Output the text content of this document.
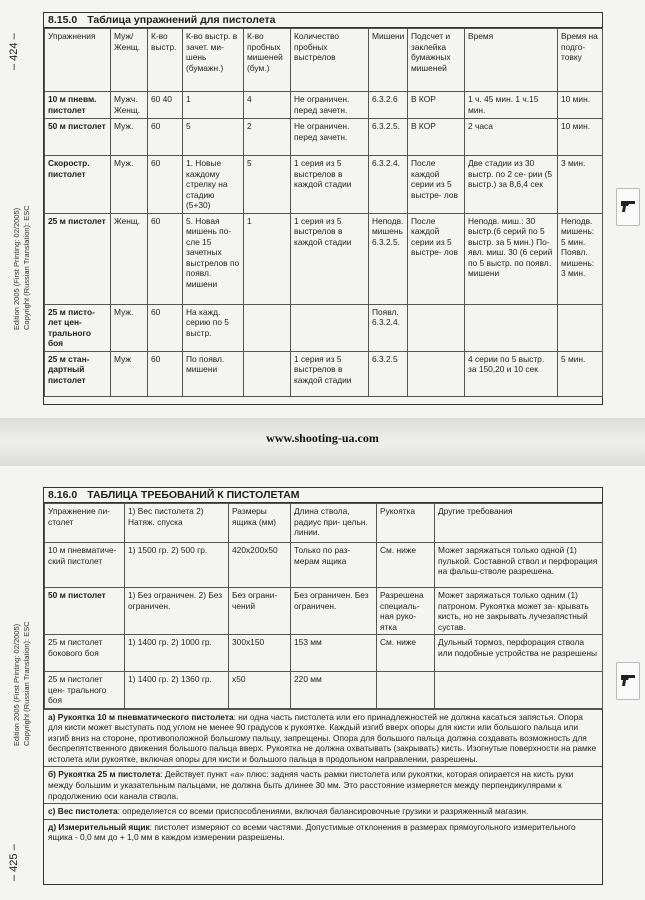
– 424 –
Edition 2005 (First Printing: 02/2005) Copyright (Russian Translation): ESC
8.15.0 Таблица упражнений для пистолета
Упражнения	Муж/ Женщ.	К-во выстр.	К-во выстр. в зачет. ми- шень (бумажн.)	К-во пробных мишеней (бум.)	Количество пробных выстрелов	Мишени	Подсчет и заклейка бумажных мишеней	Время	Время на подго- товку
10 м пневм. пистолет	Мужч. Женщ.	60 40	1	4	Не ограничен. перед зачетн.	6.3.2.6	В КОР	1 ч. 45 мин. 1 ч.15 мин.	10 мин.
50 м пистолет	Муж.	60	5	2	Не ограничен. перед зачетн.	6.3.2.5.	В КОР	2 часа	10 мин.
Скоростр. пистолет	Муж.	60	1. Новые каждому стрелку на стадию (5+30)	5	1 серия из 5 выстрелов в каждой стадии	6.3.2.4.	После каждой серии из 5 выстре- лов	Две стадии из 30 выстр. по 2 се- рии (5 выстр.) за 8,6,4 сек	3 мин.
25 м пистолет	Женщ.	60	5. Новая мишень по- сле 15 зачетных выстрелов по появл. мишени	1	1 серия из 5 выстрелов в каждой стадии	Неподв. мишень 6.3.2.5.	После каждой серии из 5 выстре- лов	Неподв. миш.: 30 выстр.(6 серий по 5 выстр. за 5 мин.) По- явл. миш. 30 (6 серий по 5 выстр. по появл. мишени	Неподв. мишень: 5 мин. Появл. мишень: 3 мин.
25 м писто- лет цен- трального боя	Муж.	60	На кажд. серию по 5 выстр.			Появл. 6.3.2.4.			
25 м стан- дартный пистолет	Муж	60	По появл. мишени		1 серия из 5 выстрелов в каждой стадии	6.3.2.5		4 серии по 5 выстр. за 150,20 и 10 сек	5 мин.
www.shooting-ua.com
Edition 2005 (First Printing: 02/2005) Copyright (Russian Translation): ESC
– 425 –
8.16.0 ТАБЛИЦА ТРЕБОВАНИЙ К ПИСТОЛЕТАМ
Упражнение пи- столет	1) Вес пистолета 2) Натяж. спуска	Размеры ящика (мм)	Длина ствола, радиус при- цельн. линии.	Рукоятка	Другие требования
10 м пневматиче- ский пистолет	1) 1500 гр. 2) 500 гр.	420x200x50	Только по раз- мерам ящика	См. ниже	Может заряжаться только одной (1) пулькой. Составной ствол и перфорация на фальш-стволе разрешена.
50 м пистолет	1) Без ограничен. 2) Без ограничен.	Без ограни- чений	Без ограничен. Без ограничен.	Разрешена специаль- ная руко- ятка	Может заряжаться только одним (1) патроном. Рукоятка может за- крывать кисть, но не закрывать лучезапястный сустав.
25 м пистолет бокового боя	1) 1400 гр. 2) 1000 гр.	300x150	153 мм	См. ниже	Дульный тормоз, перфорация ствола или подобные устройства не разрешены
25 м пистолет цен- трального боя	1) 1400 гр. 2) 1360 гр.	x50	220 мм		
а) Рукоятка 10 м пневматического пистолета: ни одна часть пистолета или его принадлежностей не должна касаться запястья. Опора для кисти может выступать под углом не менее 90 градусов к рукоятке. Каждый изгиб вверх опоры для кисти или большого пальца или изгиб вниз на стороне, противоположной большому пальцу, запрещены. Опора для большого пальца должна создавать возможность для беспрепятственного движения большого пальца вверх. Рукоятка не должна охватывать (закрывать) кисть. Изогнутые поверхности на рамке истолета или рукоятке, включая опоры для кисти и большого пальца в продольном направлении, разрешены.
б) Рукоятка 25 м пистолета: Действует пункт «а» плюс: задняя часть рамки пистолета или рукоятки, которая опирается на кисть руки между большим и указательным пальцами, не должна быть длинее 30 мм. Это расстояние измеряется между перпендикулярами к продолжению оси канала ствола.
с) Вес пистолета: определяется со всеми приспособлениями, включая балансировочные грузики и разряженный магазин.
д) Измерительный ящик: пистолет измеряют со всеми частями. Допустимые отклонения в размерах прямоугольного измерительного ящика - 0,0 мм до + 1,0 мм в каждом измерении разрешены.
